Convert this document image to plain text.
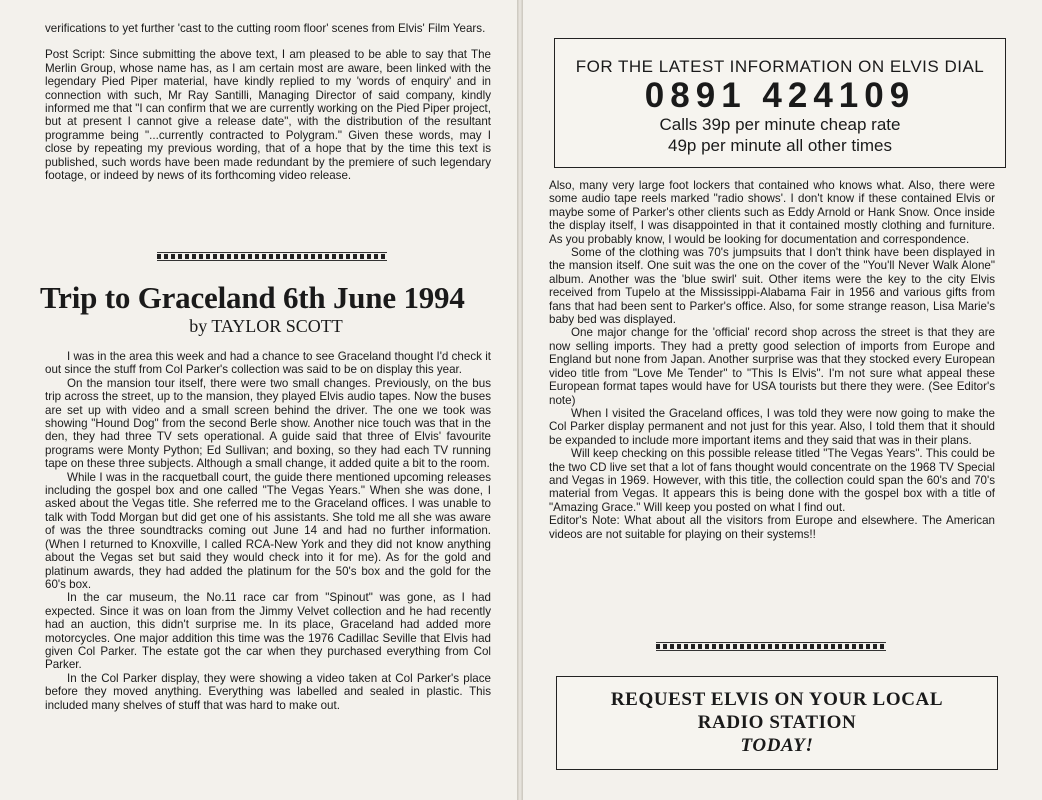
verifications to yet further 'cast to the cutting room floor' scenes from Elvis' Film Years.

Post Script: Since submitting the above text, I am pleased to be able to say that The Merlin Group, whose name has, as I am certain most are aware, been linked with the legendary Pied Piper material, have kindly replied to my 'words of enquiry' and in connection with such, Mr Ray Santilli, Managing Director of said company, kindly informed me that "I can confirm that we are currently working on the Pied Piper project, but at present I cannot give a release date", with the distribution of the resultant programme being "...currently contracted to Polygram." Given these words, may I close by repeating my previous wording, that of a hope that by the time this text is published, such words have been made redundant by the premiere of such legendary footage, or indeed by news of its forthcoming video release.

Trip to Graceland 6th June 1994

by TAYLOR SCOTT

I was in the area this week and had a chance to see Graceland thought I'd check it out since the stuff from Col Parker's collection was said to be on display this year.

On the mansion tour itself, there were two small changes. Previously, on the bus trip across the street, up to the mansion, they played Elvis audio tapes. Now the buses are set up with video and a small screen behind the driver. The one we took was showing "Hound Dog" from the second Berle show. Another nice touch was that in the den, they had three TV sets operational. A guide said that three of Elvis' favourite programs were Monty Python; Ed Sullivan; and boxing, so they had each TV running tape on these three subjects. Although a small change, it added quite a bit to the room.

While I was in the racquetball court, the guide there mentioned upcoming releases including the gospel box and one called "The Vegas Years." When she was done, I asked about the Vegas title. She referred me to the Graceland offices. I was unable to talk with Todd Morgan but did get one of his assistants. She told me all she was aware of was the three soundtracks coming out June 14 and had no further information. (When I returned to Knoxville, I called RCA-New York and they did not know anything about the Vegas set but said they would check into it for me). As for the gold and platinum awards, they had added the platinum for the 50's box and the gold for the 60's box.

In the car museum, the No.11 race car from "Spinout" was gone, as I had expected. Since it was on loan from the Jimmy Velvet collection and he had recently had an auction, this didn't surprise me. In its place, Graceland had added more motorcycles. One major addition this time was the 1976 Cadillac Seville that Elvis had given Col Parker. The estate got the car when they purchased everything from Col Parker.

In the Col Parker display, they were showing a video taken at Col Parker's place before they moved anything. Everything was labelled and sealed in plastic. This included many shelves of stuff that was hard to make out.

FOR THE LATEST INFORMATION ON ELVIS DIAL

0891 424109

Calls 39p per minute cheap rate

49p per minute all other times

Also, many very large foot lockers that contained who knows what. Also, there were some audio tape reels marked "radio shows'. I don't know if these contained Elvis or maybe some of Parker's other clients such as Eddy Arnold or Hank Snow. Once inside the display itself, I was disappointed in that it contained mostly clothing and furniture. As you probably know, I would be looking for documentation and correspondence.

Some of the clothing was 70's jumpsuits that I don't think have been displayed in the mansion itself. One suit was the one on the cover of the "You'll Never Walk Alone" album. Another was the 'blue swirl' suit. Other items were the key to the city Elvis received from Tupelo at the Mississippi-Alabama Fair in 1956 and various gifts from fans that had been sent to Parker's office. Also, for some strange reason, Lisa Marie's baby bed was displayed.

One major change for the 'official' record shop across the street is that they are now selling imports. They had a pretty good selection of imports from Europe and England but none from Japan. Another surprise was that they stocked every European video title from "Love Me Tender" to "This Is Elvis". I'm not sure what appeal these European format tapes would have for USA tourists but there they were. (See Editor's note)

When I visited the Graceland offices, I was told they were now going to make the Col Parker display permanent and not just for this year. Also, I told them that it should be expanded to include more important items and they said that was in their plans.

Will keep checking on this possible release titled "The Vegas Years". This could be the two CD live set that a lot of fans thought would concentrate on the 1968 TV Special and Vegas in 1969. However, with this title, the collection could span the 60's and 70's material from Vegas. It appears this is being done with the gospel box with a title of "Amazing Grace." Will keep you posted on what I find out.

Editor's Note: What about all the visitors from Europe and elsewhere. The American videos are not suitable for playing on their systems!!

REQUEST ELVIS ON YOUR LOCAL

RADIO STATION

TODAY!
